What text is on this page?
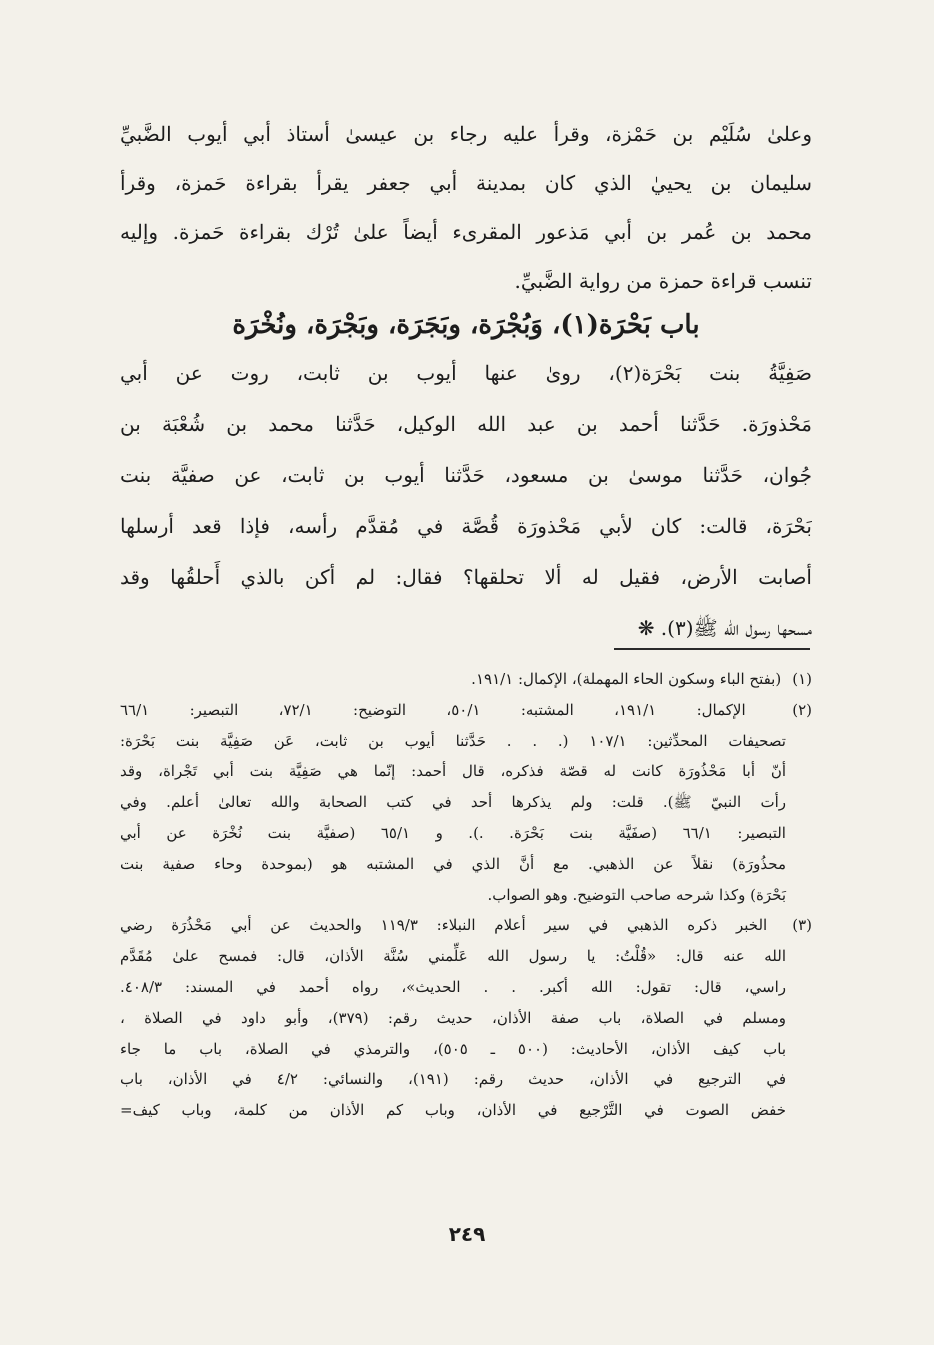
وعلىٰ سُلَيْم بن حَمْزة، وقرأ عليه رجاء بن عيسىٰ أستاذ أبي أيوب الضَّبيِّ
سليمان بن يحييٰ الذي كان بمدينة أبي جعفر يقرأ بقراءة حَمزة، وقرأ
محمد بن عُمر بن أبي مَذعور المقرىء أيضاً علىٰ تُرْك بقراءة حَمزة. وإليه
تنسب قراءة حمزة من رواية الضَّبيِّ.
باب بَحْرَة(١)، وَبُجْرَة، وبَجَرَة، وبَجْرَة، ونُخْرَة
صَفِيَّةُ بنت بَحْرَة(٢)، روىٰ عنها أيوب بن ثابت، روت عن أبي
مَحْذورَة. حَدَّثنا أحمد بن عبد الله الوكيل، حَدَّثنا محمد بن شُعْبَة بن
جُوان، حَدَّثنا موسىٰ بن مسعود، حَدَّثنا أيوب بن ثابت، عن صفيَّة بنت
بَحْرَة، قالت: كان لأبي مَحْذورَة قُصَّة في مُقدَّم رأسه، فإذا قعد أرسلها
أصابت الأرض، فقيل له ألا تحلقها؟ فقال: لم أكن بالذي أَحلقُها وقد
مسحها رسول الله ﷺ(٣). ❋
(١) (بفتح الباء وسكون الحاء المهملة)، الإكمال: ١٩١/١.
(٢) الإكمال: ١٩١/١، المشتبه: ٥٠/١، التوضيح: ٧٢/١، التبصير: ٦٦/١
تصحيفات المحدِّثين: ١٠٧/١ (. . . حَدَّثنا أيوب بن ثابت، عَن صَفِيَّة بنت بَحْرَة:
أنّ أبا مَحْذُورَة كانت له قصّة فذكره، قال أحمد: إنّما هي صَفِيَّة بنت أبي تَجْراة، وقد
رأت النبيّ ﷺ). قلت: ولم يذكرها أحد في كتب الصحابة والله تعالىٰ أعلم. وفي
التبصير: ٦٦/١ (صفَيَّة بنت بَحْرَة. .). و ٦٥/١ (صفيَّة بنت نُخْرَة عن أبي
محذُورَة) نقلاً عن الذهبي. مع أنَّ الذي في المشتبه هو (بموحدة وحاء صفية بنت
بَحْرَة) وكذا شرحه صاحب التوضيح. وهو الصواب.
(٣) الخبر ذكره الذهبي في سير أعلام النبلاء: ١١٩/٣ والحديث عن أبي مَحْذُرَة رضي
الله عنه قال: «قُلْتُ: يا رسول الله عَلِّمني سُنَّة الأذان، قال: فمسح علىٰ مُقَدَّم
راسي، قال: تقول: الله أكبر. . . الحديث»، رواه أحمد في المسند: ٤٠٨/٣.
ومسلم في الصلاة، باب صفة الأذان، حديث رقم: (٣٧٩)، وأبو داود في الصلاة ،
باب كيف الأذان، الأحاديث: (٥٠٠ ـ ٥٠٥)، والترمذي في الصلاة، باب ما جاء
في الترجيع في الأذان، حديث رقم: (١٩١)، والنسائي: ٤/٢ في الأذان، باب
خفض الصوت في التَّرْجيع في الأذان، وباب كم الأذان من كلمة، وباب كيف=
٢٤٩
